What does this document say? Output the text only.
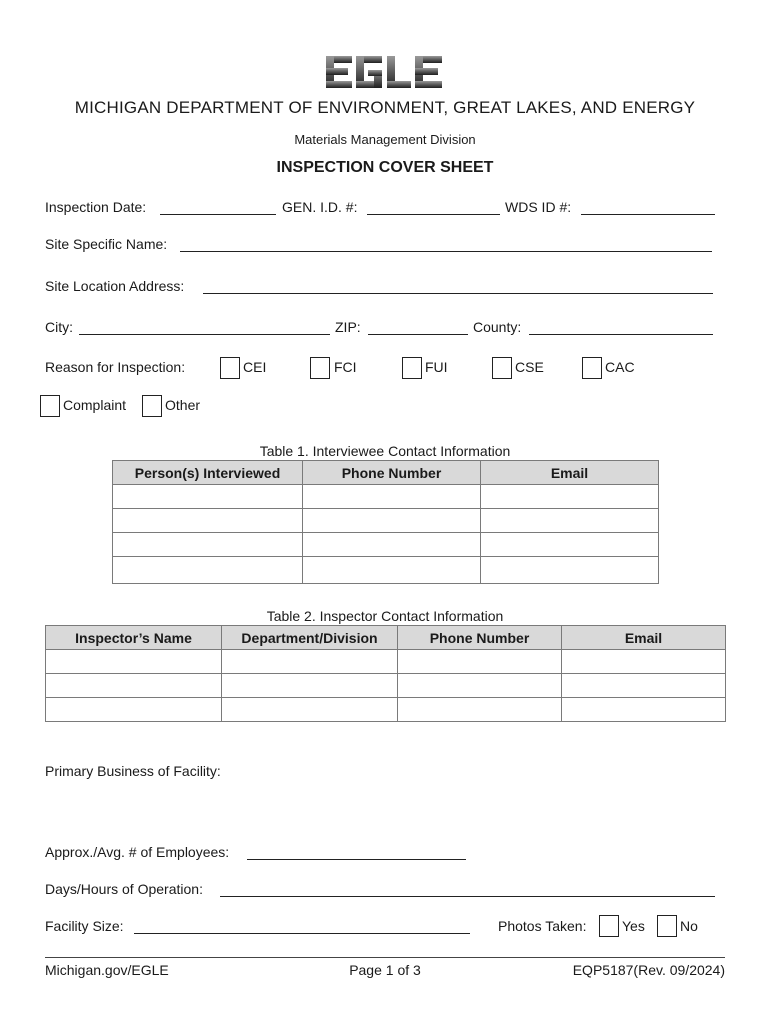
MICHIGAN DEPARTMENT OF ENVIRONMENT, GREAT LAKES, AND ENERGY
Materials Management Division
INSPECTION COVER SHEET
Inspection Date:	GEN. I.D. #:	WDS ID #:
Site Specific Name:
Site Location Address:
City:	ZIP:	County:
Reason for Inspection:	CEI	FCI	FUI	CSE	CAC
Complaint	Other
Table 1. Interviewee Contact Information
Person(s) Interviewed	Phone Number	Email

Table 2. Inspector Contact Information
Inspector’s Name	Department/Division	Phone Number	Email

Primary Business of Facility:
Approx./Avg. # of Employees:
Days/Hours of Operation:
Facility Size:	Photos Taken:	Yes	No
Michigan.gov/EGLE	Page 1 of 3	EQP5187(Rev. 09/2024)
